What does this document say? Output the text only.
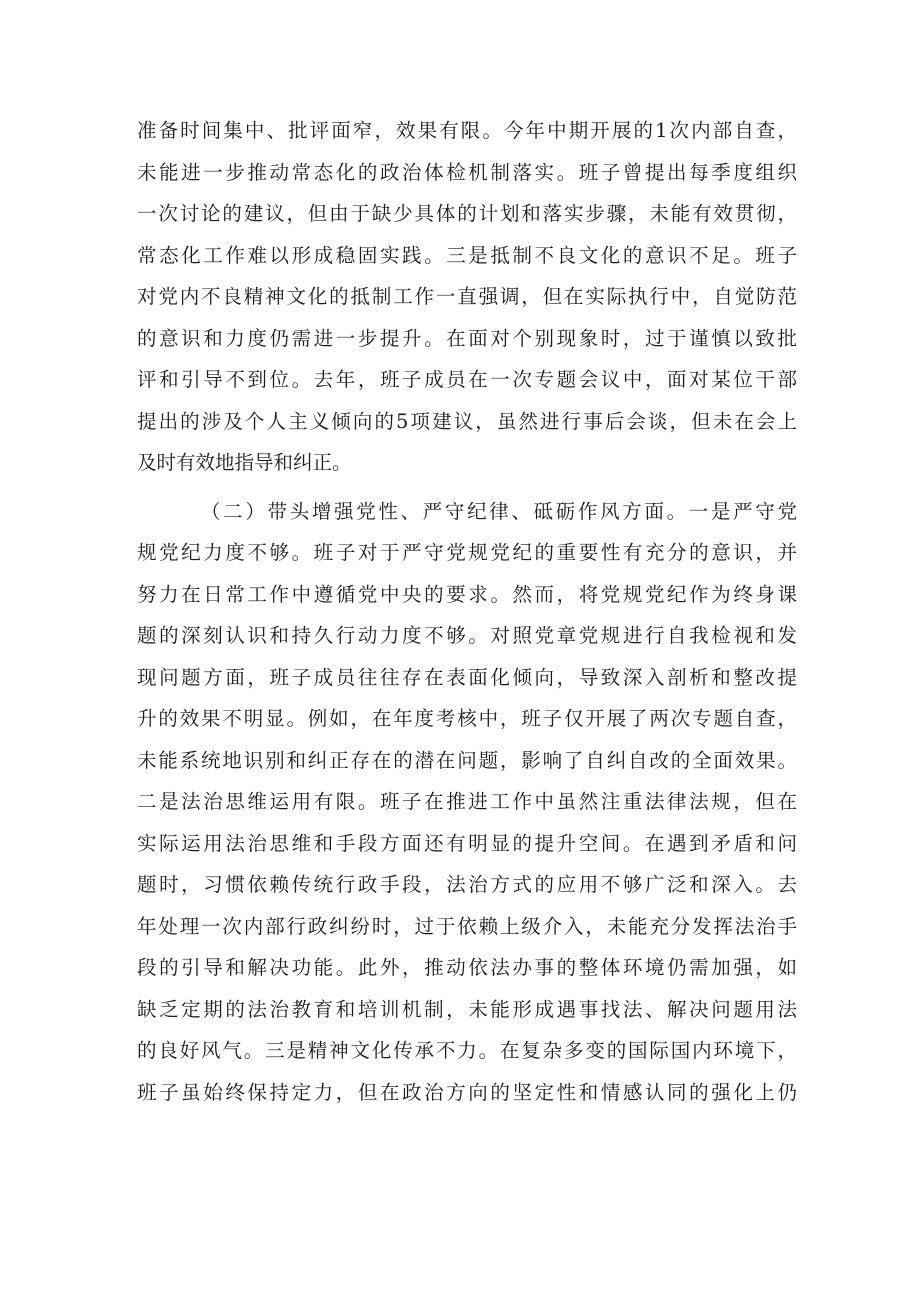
准备时间集中、批评面窄，效果有限。今年中期开展的1次内部自查，
未能进一步推动常态化的政治体检机制落实。班子曾提出每季度组织
一次讨论的建议，但由于缺少具体的计划和落实步骤，未能有效贯彻，
常态化工作难以形成稳固实践。三是抵制不良文化的意识不足。班子
对党内不良精神文化的抵制工作一直强调，但在实际执行中，自觉防范
的意识和力度仍需进一步提升。在面对个别现象时，过于谨慎以致批
评和引导不到位。去年，班子成员在一次专题会议中，面对某位干部
提出的涉及个人主义倾向的5项建议，虽然进行事后会谈，但未在会上
及时有效地指导和纠正。
（二）带头增强党性、严守纪律、砥砺作风方面。一是严守党
规党纪力度不够。班子对于严守党规党纪的重要性有充分的意识，并
努力在日常工作中遵循党中央的要求。然而，将党规党纪作为终身课
题的深刻认识和持久行动力度不够。对照党章党规进行自我检视和发
现问题方面，班子成员往往存在表面化倾向，导致深入剖析和整改提
升的效果不明显。例如，在年度考核中，班子仅开展了两次专题自查，
未能系统地识别和纠正存在的潜在问题，影响了自纠自改的全面效果。
二是法治思维运用有限。班子在推进工作中虽然注重法律法规，但在
实际运用法治思维和手段方面还有明显的提升空间。在遇到矛盾和问
题时，习惯依赖传统行政手段，法治方式的应用不够广泛和深入。去
年处理一次内部行政纠纷时，过于依赖上级介入，未能充分发挥法治手
段的引导和解决功能。此外，推动依法办事的整体环境仍需加强，如
缺乏定期的法治教育和培训机制，未能形成遇事找法、解决问题用法
的良好风气。三是精神文化传承不力。在复杂多变的国际国内环境下，
班子虽始终保持定力，但在政治方向的坚定性和情感认同的强化上仍
